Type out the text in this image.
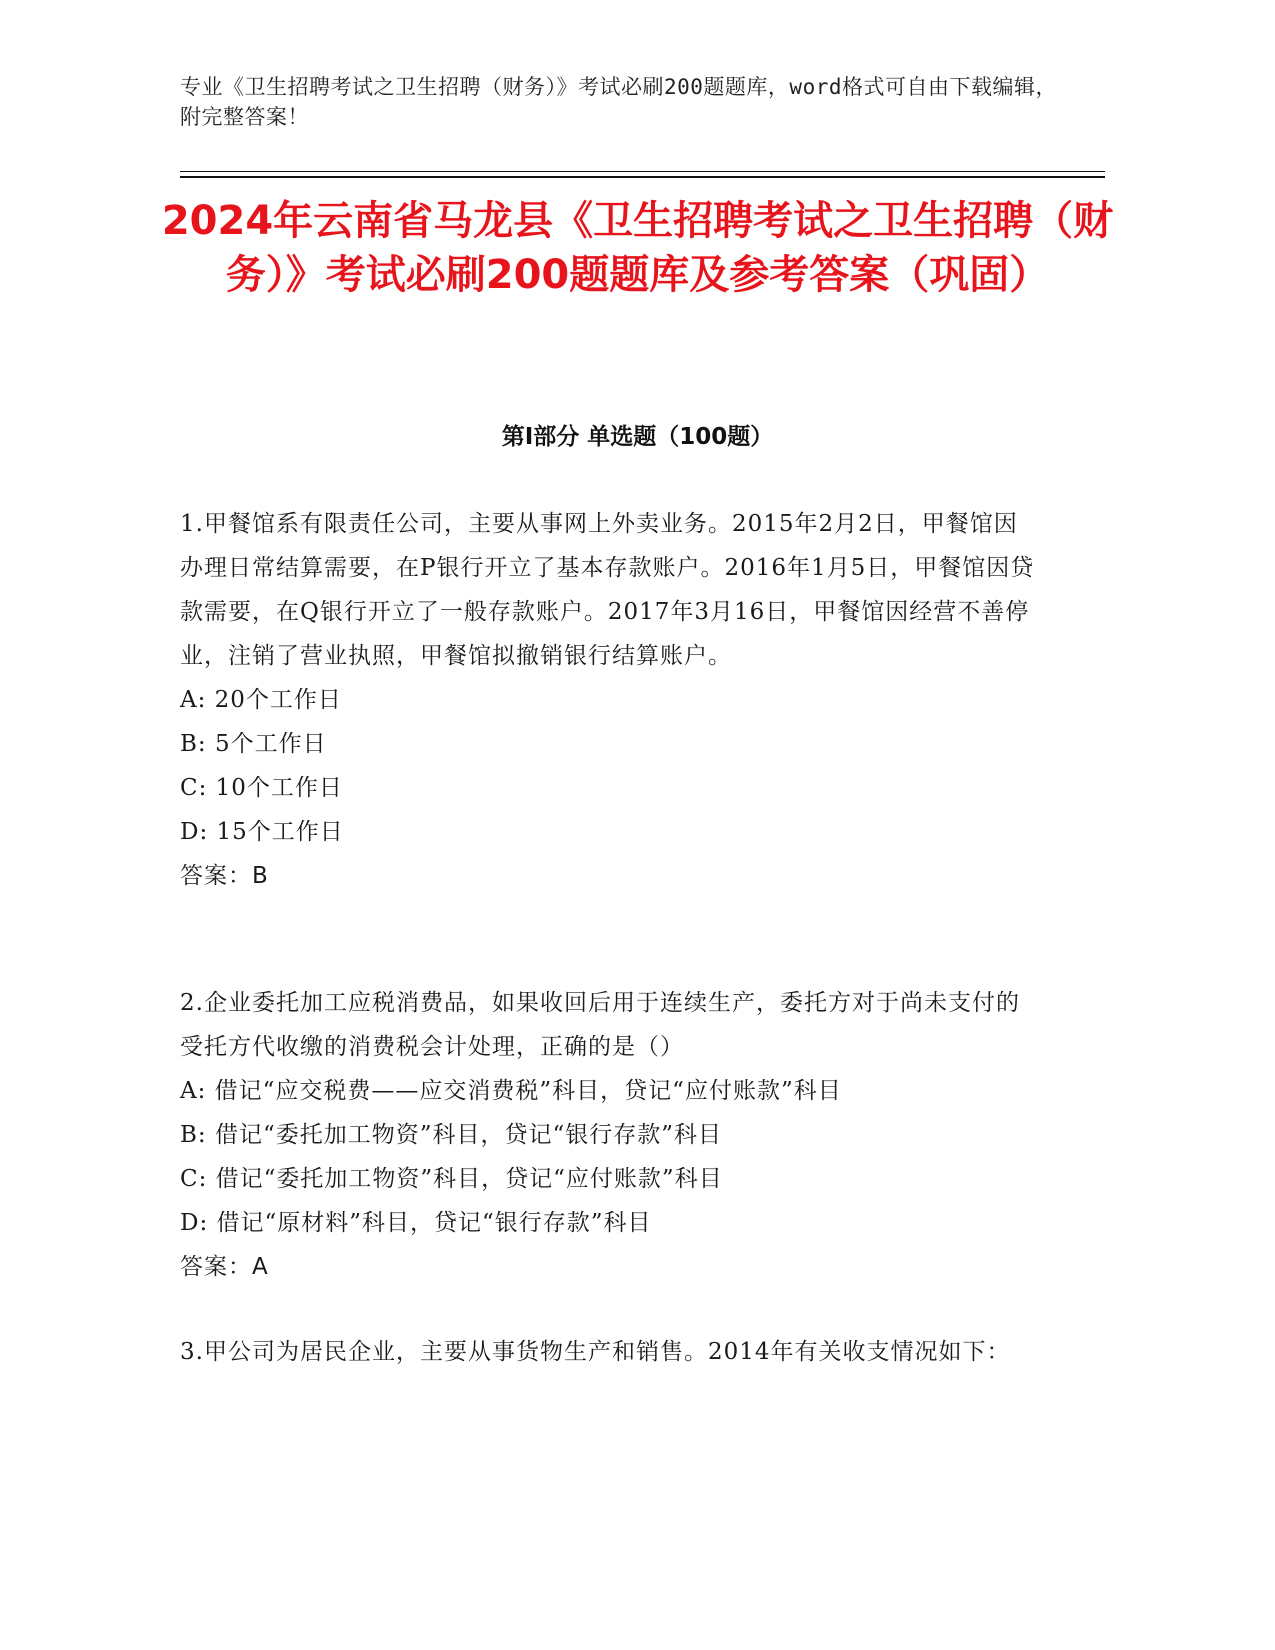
专业《卫生招聘考试之卫生招聘（财务）》考试必刷200题题库，word格式可自由下载编辑，附完整答案！
2024年云南省马龙县《卫生招聘考试之卫生招聘（财务）》考试必刷200题题库及参考答案（巩固）
第I部分 单选题（100题）
1.甲餐馆系有限责任公司，主要从事网上外卖业务。2015年2月2日，甲餐馆因办理日常结算需要，在P银行开立了基本存款账户。2016年1月5日，甲餐馆因贷款需要，在Q银行开立了一般存款账户。2017年3月16日，甲餐馆因经营不善停业，注销了营业执照，甲餐馆拟撤销银行结算账户。
A: 20个工作日
B: 5个工作日
C: 10个工作日
D: 15个工作日
答案：B
2.企业委托加工应税消费品，如果收回后用于连续生产，委托方对于尚未支付的受托方代收缴的消费税会计处理，正确的是（）
A: 借记“应交税费——应交消费税”科目，贷记“应付账款”科目
B: 借记“委托加工物资”科目，贷记“银行存款”科目
C: 借记“委托加工物资”科目，贷记“应付账款”科目
D: 借记“原材料”科目，贷记“银行存款”科目
答案：A
3.甲公司为居民企业，主要从事货物生产和销售。2014年有关收支情况如下：
